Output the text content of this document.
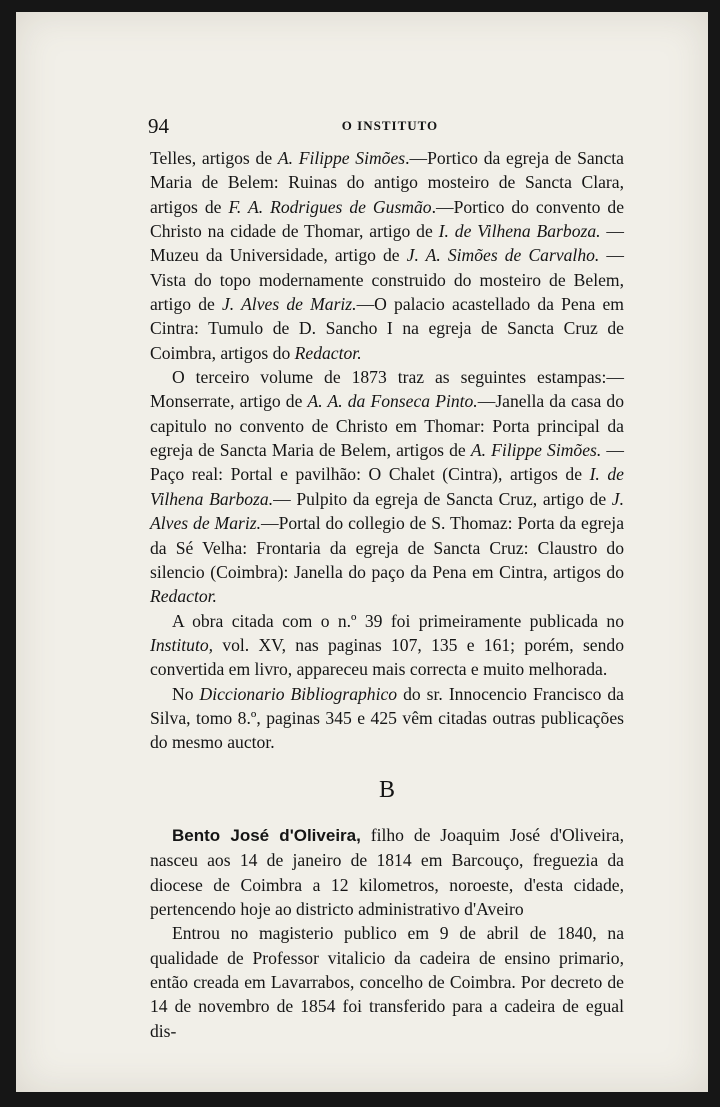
94	O INSTITUTO

Telles, artigos de A. Filippe Simões.—Portico da egreja de Sancta Maria de Belem: Ruinas do antigo mosteiro de Sancta Clara, artigos de F. A. Rodrigues de Gusmão.—Portico do convento de Christo na cidade de Thomar, artigo de I. de Vilhena Barboza. —Muzeu da Universidade, artigo de J. A. Simões de Carvalho. —Vista do topo modernamente construido do mosteiro de Belem, artigo de J. Alves de Mariz.—O palacio acastellado da Pena em Cintra: Tumulo de D. Sancho I na egreja de Sancta Cruz de Coimbra, artigos do Redactor.

O terceiro volume de 1873 traz as seguintes estampas:—Monserrate, artigo de A. A. da Fonseca Pinto.—Janella da casa do capitulo no convento de Christo em Thomar: Porta principal da egreja de Sancta Maria de Belem, artigos de A. Filippe Simões. —Paço real: Portal e pavilhão: O Chalet (Cintra), artigos de I. de Vilhena Barboza.— Pulpito da egreja de Sancta Cruz, artigo de J. Alves de Mariz.—Portal do collegio de S. Thomaz: Porta da egreja da Sé Velha: Frontaria da egreja de Sancta Cruz: Claustro do silencio (Coimbra): Janella do paço da Pena em Cintra, artigos do Redactor.

A obra citada com o n.º 39 foi primeiramente publicada no Instituto, vol. XV, nas paginas 107, 135 e 161; porém, sendo convertida em livro, appareceu mais correcta e muito melhorada.

No Diccionario Bibliographico do sr. Innocencio Francisco da Silva, tomo 8.º, paginas 345 e 425 vêm citadas outras publicações do mesmo auctor.

B

Bento José d'Oliveira, filho de Joaquim José d'Oliveira, nasceu aos 14 de janeiro de 1814 em Barcouço, freguezia da diocese de Coimbra a 12 kilometros, noroeste, d'esta cidade, pertencendo hoje ao districto administrativo d'Aveiro

Entrou no magisterio publico em 9 de abril de 1840, na qualidade de Professor vitalicio da cadeira de ensino primario, então creada em Lavarrabos, concelho de Coimbra. Por decreto de 14 de novembro de 1854 foi transferido para a cadeira de egual dis-
